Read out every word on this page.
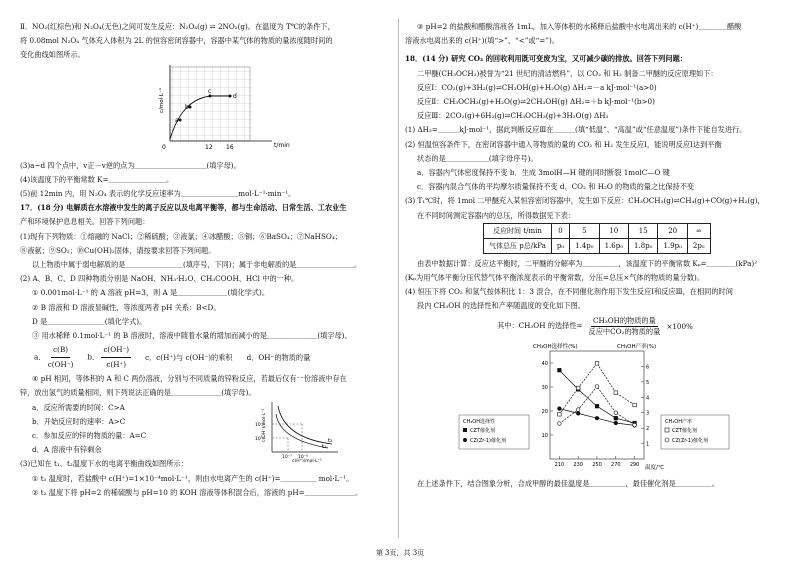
Ⅱ．NO₂(红棕色)和 N₂O₄(无色)之间可发生反应：N₂O₄(g) ⇌ 2NO₂(g)。在温度为 T℃的条件下，
将 0.08mol N₂O₄ 气体充入体积为 2L 的恒容密闭容器中，容器中某气体的物质的量浓度随时间的
变化曲线如图所示。
a
b
c
d
0	12 16	t/min
c/mol·L⁻¹
(3)a~d 四个点中，v正－v逆的点为＿＿＿＿＿＿＿＿＿＿(填字母)。
(4)该温度下的平衡常数 K=＿＿＿＿＿＿＿＿。
(5)前 12min 内，用 N₂O₄ 表示的化学反应速率为＿＿＿＿＿＿＿＿mol·L⁻¹·min⁻¹。
17．(18 分) 电解质在水溶液中发生的离子反应以及电离平衡等，都与生命活动、日常生活、工农业生
产和环境保护息息相关。回答下列问题：
(1)现有下列物质：①熔融的 NaCl；②稀硫酸；③液氯；④冰醋酸；⑤铜；⑥BaSO₄；⑦NaHSO₄；
⑧液氨；⑨SO₂；⑩Cu(OH)₂固体，请按要求回答下列问题。
以上物质中属于弱电解质的是＿＿＿＿＿＿＿＿(填序号，下同)；属于非电解质的是＿＿＿＿＿＿＿＿。
(2) A、B、C、D 四种物质分别是 NaOH、NH₃·H₂O、CH₃COOH、HCl 中的一种。
① 0.001mol·L⁻¹ 的 A 溶液 pH=3，则 A 是＿＿＿＿＿＿＿(填化学式)。
② B 溶液和 D 溶液显碱性，等浓度两者 pH 关系：B<D。
D 是＿＿＿＿＿＿＿＿(填化学式)。
③ 用水稀释 0.1mol·L⁻¹ 的 B 溶液时，溶液中随着水量的增加而减小的是＿＿＿＿＿＿＿(填字母)。
a． $\frac{c(B)}{c(OH^-)}$ b． $\frac{c(OH^-)}{c(H^+)}$ c．c(H⁺)与 c(OH⁻)的乘积 d．OH⁻的物质的量
④ pH 相同，等体积的 A 和 C 两份溶液，分别与不同质量的锌粉反应，若最后仅有一份溶液中存在
锌，放出氢气的质量相同，则下列说法正确的是＿＿＿＿＿＿＿(填字母)。
a．反应所需要的时间：C>A
b．开始反应时的速率：A>C
c．参加反应的锌的物质的量：A=C
d．A 溶液中有锌剩余
(3)已知在 t₁、t₂温度下水的电离平衡曲线如图所示：
① t₁ 温度时，若盐酸中 c(H⁺)=1×10⁻⁴mol·L⁻¹，则由水电离产生的 c(H⁺)=＿＿＿＿＿ mol·L⁻¹。
② t₂ 温度下将 pH=2 的稀硫酸与 pH=10 的 KOH 溶液等体积混合后，溶液的 pH=＿＿＿＿＿＿＿。
t₂
t₁
10⁻⁶
10⁻⁷
10⁻⁷ 10⁻⁶
c(H⁺)/mol·L⁻¹
c(OH⁻)/mol·L⁻¹
③ pH=2 的盐酸和醋酸溶液各 1mL，加入等体积的水稀释后盐酸中水电离出来的 c(H⁺)＿＿＿＿醋酸
溶液水电离出来的 c(H⁺)(填“>”、“<”或“=”)。
18．(14 分) 研究 CO₂ 的回收利用既可变废为宝，又可减少碳的排放。回答下列问题：
二甲醚(CH₃OCH₃)被誉为“21 世纪的清洁燃料”，以 CO₂ 和 H₂ 制备二甲醚的反应原理如下：
反应Ⅰ：CO₂(g)+3H₂(g)⇌CH₃OH(g)+H₂O(g) ΔH₁=－a kJ·mol⁻¹(a>0)
反应Ⅱ：CH₃OCH₃(g)+H₂O(g)⇌2CH₃OH(g) ΔH₂=＋b kJ·mol⁻¹(b>0)
反应Ⅲ：2CO₂(g)+6H₂(g)⇌CH₃OCH₃(g)+3H₂O(g) ΔH₃
(1) ΔH₃=＿＿＿kJ·mol⁻¹，据此判断反应Ⅲ在＿＿＿(填“低温”、“高温”或“任意温度”)条件下能自发进行。
(2) 恒温恒容条件下，在密闭容器中通入等物质的量的 CO₂ 和 H₂ 发生反应Ⅰ，能说明反应Ⅰ达到平衡
状态的是＿＿＿＿＿＿(填字母序号)。
a．容器内气体密度保持不变 b．生成 3molH—H 键的同时断裂 1molC—O 键
c．容器内混合气体的平均摩尔质量保持不变 d．CO₂ 和 H₂O 的物质的量之比保持不变
(3) T₁℃时，将 1mol 二甲醚充入某恒容密闭容器中，发生如下反应：CH₃OCH₃(g)⇌CH₄(g)+CO(g)+H₂(g)，
在不同时间测定容器内的总压，所得数据见下表：
反应时间 t/min	0	5	10	15	20	∞
气体总压 p总/kPa	p₀	1.4p₀	1.6p₀	1.8p₀	1.9p₀	2p₀
由表中数据计算：反应达平衡时，二甲醚的分解率为＿＿＿＿＿，该温度下的平衡常数 Kₚ=＿＿＿＿(kPa)²
(Kₚ为用气体平衡分压代替气体平衡浓度表示的平衡常数，分压=总压×气体的物质的量分数)。
(4) 恒压下将 CO₂ 和氢气按体积比 1：3 混合，在不同催化剂作用下发生反应Ⅰ和反应Ⅲ，在相同的时间
段内 CH₃OH 的选择性和产率随温度的变化如下图。
其中：CH₃OH 的选择性= $\frac{\text{CH₃OH的物质的量}}{\text{反应中CO₂的物质的量}} \times 100\%$
CH₃OH选择性(%)	CH₃OH产率(%)
温度/℃
10
20
30
40
1
2
3
4
5
6
210 230 250 270 290
CH₃OH选择性
CZT催化剂
CZ(Zr-1)催化剂
CH₃OH产率
CZT催化剂
CZ(Zr-1)催化剂
在上述条件下，结合图象分析，合成甲醇的最佳温度是＿＿＿＿＿，最佳催化剂是＿＿＿＿＿。
第 3页，共 3页
